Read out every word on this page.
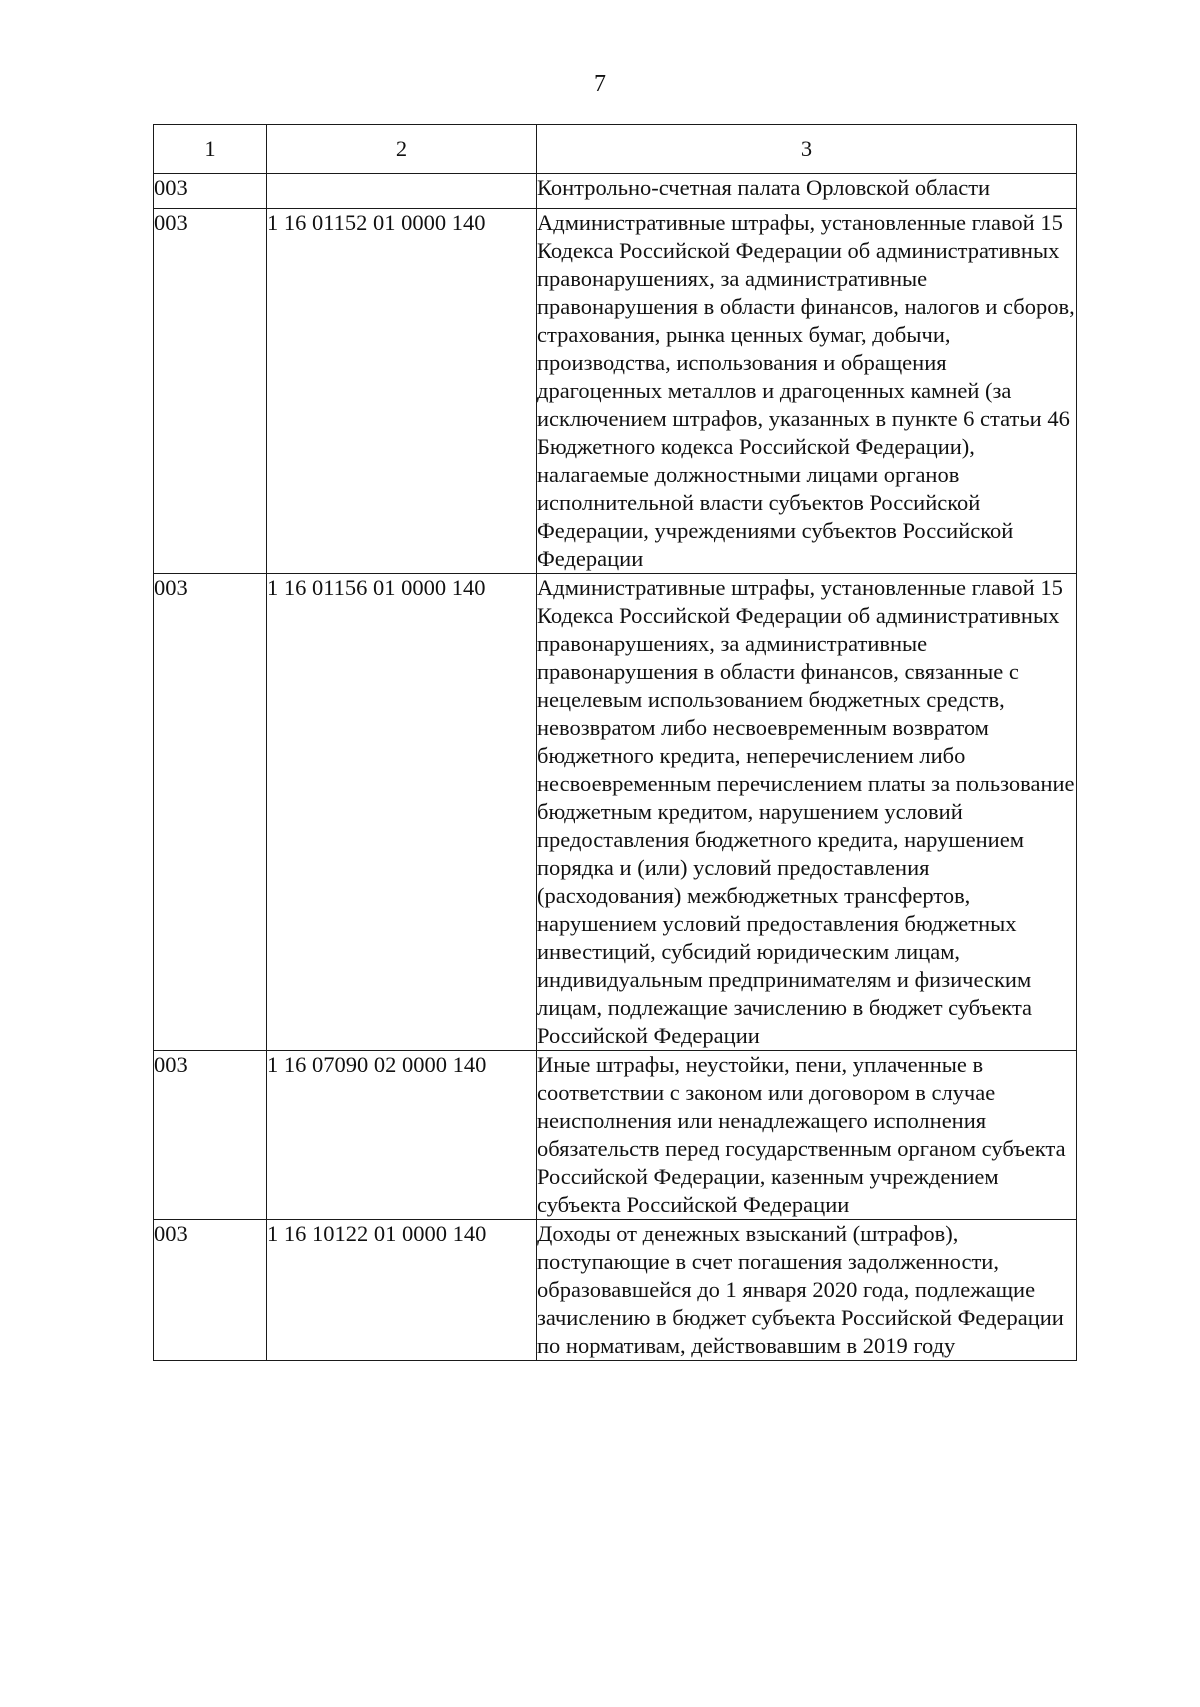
7
1	2	3
003		Контрольно-счетная палата Орловской области
003	1 16 01152 01 0000 140	Административные штрафы, установленные главой 15 Кодекса Российской Федерации об административных правонарушениях, за административные правонарушения в области финансов, налогов и сборов, страхования, рынка ценных бумаг, добычи, производства, использования и обращения драгоценных металлов и драгоценных камней (за исключением штрафов, указанных в пункте 6 статьи 46 Бюджетного кодекса Российской Федерации), налагаемые должностными лицами органов исполнительной власти субъектов Российской Федерации, учреждениями субъектов Российской Федерации
003	1 16 01156 01 0000 140	Административные штрафы, установленные главой 15 Кодекса Российской Федерации об административных правонарушениях, за административные правонарушения в области финансов, связанные с нецелевым использованием бюджетных средств, невозвратом либо несвоевременным возвратом бюджетного кредита, неперечислением либо несвоевременным перечислением платы за пользование бюджетным кредитом, нарушением условий предоставления бюджетного кредита, нарушением порядка и (или) условий предоставления (расходования) межбюджетных трансфертов, нарушением условий предоставления бюджетных инвестиций, субсидий юридическим лицам, индивидуальным предпринимателям и физическим лицам, подлежащие зачислению в бюджет субъекта Российской Федерации
003	1 16 07090 02 0000 140	Иные штрафы, неустойки, пени, уплаченные в соответствии с законом или договором в случае неисполнения или ненадлежащего исполнения обязательств перед государственным органом субъекта Российской Федерации, казенным учреждением субъекта Российской Федерации
003	1 16 10122 01 0000 140	Доходы от денежных взысканий (штрафов), поступающие в счет погашения задолженности, образовавшейся до 1 января 2020 года, подлежащие зачислению в бюджет субъекта Российской Федерации по нормативам, действовавшим в 2019 году
